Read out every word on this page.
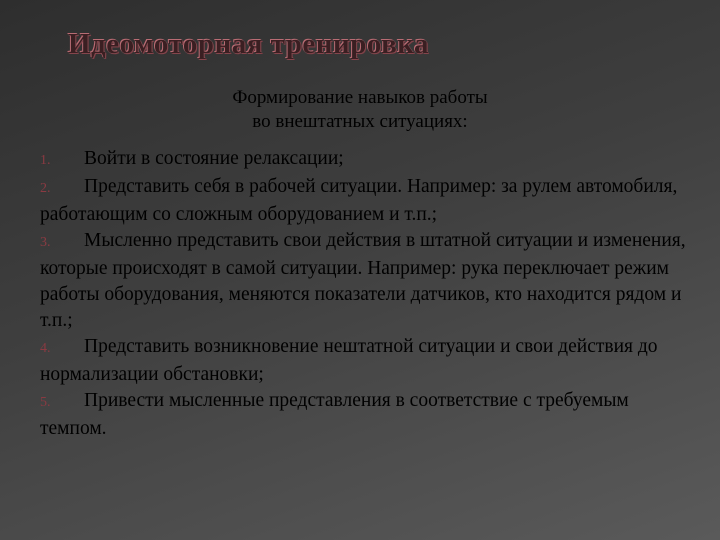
Идеомоторная тренировка
Формирование навыков работы
во внештатных ситуациях:

1. Войти в состояние релаксации;

2. Представить себя в рабочей ситуации. Например: за рулем автомобиля, работающим со сложным оборудованием и т.п.;

3. Мысленно представить свои действия в штатной ситуации и изменения, которые происходят в самой ситуации. Например: рука переключает режим работы оборудования, меняются показатели датчиков, кто находится рядом и т.п.;

4. Представить возникновение нештатной ситуации и свои действия до нормализации обстановки;

5. Привести мысленные представления в соответствие с требуемым темпом.
